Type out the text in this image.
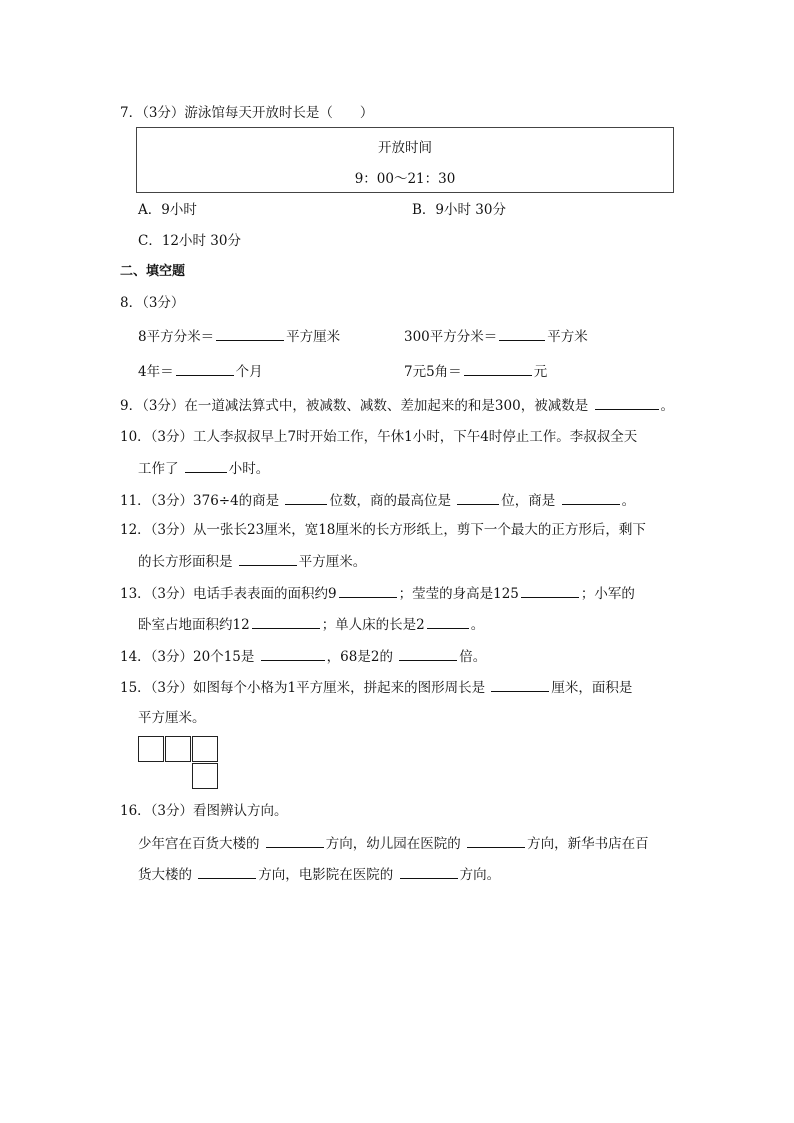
7．（3分）游泳馆每天开放时长是（　　）
开放时间
9：00～21：30
A．9小时	B．9小时 30分
C．12小时 30分
二、填空题
8．（3分）
8平方分米＝	平方厘米	300平方分米＝	平方米
4年＝	个月	7元5角＝	元
9．（3分）在一道减法算式中，被减数、减数、差加起来的和是300，被减数是	。
10．（3分）工人李叔叔早上7时开始工作，午休1小时，下午4时停止工作。李叔叔全天
工作了	小时。
11．（3分）376÷4的商是	位数，商的最高位是	位，商是	。
12．（3分）从一张长23厘米，宽18厘米的长方形纸上，剪下一个最大的正方形后，剩下
的长方形面积是	平方厘米。
13．（3分）电话手表表面的面积约9	；莹莹的身高是125	；小军的
卧室占地面积约12	；单人床的长是2	。
14．（3分）20个15是	，68是2的	倍。
15．（3分）如图每个小格为1平方厘米，拼起来的图形周长是	厘米，面积是
平方厘米。
16．（3分）看图辨认方向。
少年宫在百货大楼的	方向，幼儿园在医院的	方向，新华书店在百
货大楼的	方向，电影院在医院的	方向。
